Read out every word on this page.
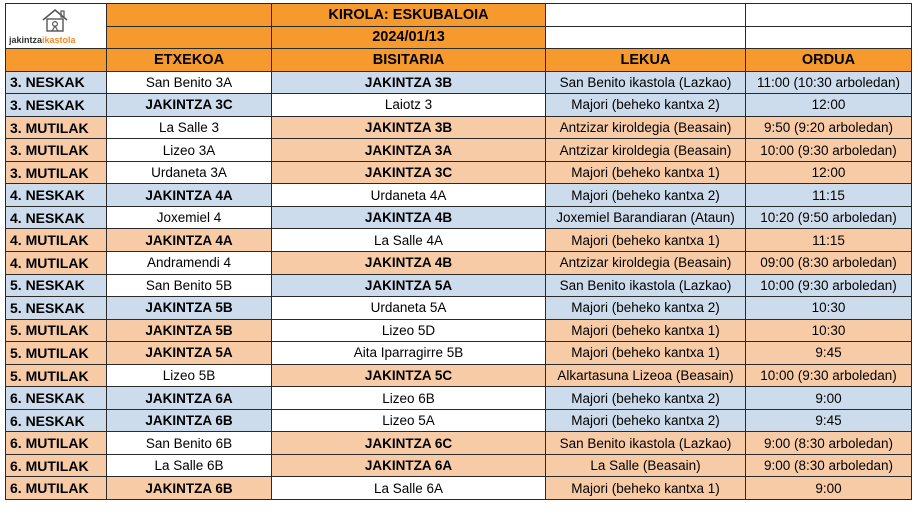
jakintzaikastola		KIROLA: ESKUBALOIA		
		2024/01/13		
	ETXEKOA	BISITARIA	LEKUA	ORDUA
3. NESKAK	San Benito 3A	JAKINTZA 3B	San Benito ikastola (Lazkao)	11:00 (10:30 arboledan)
3. NESKAK	JAKINTZA 3C	Laiotz 3	Majori (beheko kantxa 2)	12:00
3. MUTILAK	La Salle 3	JAKINTZA 3B	Antzizar kiroldegia (Beasain)	9:50 (9:20 arboledan)
3. MUTILAK	Lizeo 3A	JAKINTZA 3A	Antzizar kiroldegia (Beasain)	10:00 (9:30 arboledan)
3. MUTILAK	Urdaneta 3A	JAKINTZA 3C	Majori (beheko kantxa 1)	12:00
4. NESKAK	JAKINTZA 4A	Urdaneta 4A	Majori (beheko kantxa 2)	11:15
4. NESKAK	Joxemiel 4	JAKINTZA 4B	Joxemiel Barandiaran (Ataun)	10:20 (9:50 arboledan)
4. MUTILAK	JAKINTZA 4A	La Salle 4A	Majori (beheko kantxa 1)	11:15
4. MUTILAK	Andramendi 4	JAKINTZA 4B	Antzizar kiroldegia (Beasain)	09:00 (8:30 arboledan)
5. NESKAK	San Benito 5B	JAKINTZA 5A	San Benito ikastola (Lazkao)	10:00 (9:30 arboledan)
5. NESKAK	JAKINTZA 5B	Urdaneta 5A	Majori (beheko kantxa 2)	10:30
5. MUTILAK	JAKINTZA 5B	Lizeo 5D	Majori (beheko kantxa 1)	10:30
5. MUTILAK	JAKINTZA 5A	Aita Iparragirre 5B	Majori (beheko kantxa 1)	9:45
5. MUTILAK	Lizeo 5B	JAKINTZA 5C	Alkartasuna Lizeoa (Beasain)	10:00 (9:30 arboledan)
6. NESKAK	JAKINTZA 6A	Lizeo 6B	Majori (beheko kantxa 2)	9:00
6. NESKAK	JAKINTZA 6B	Lizeo 5A	Majori (beheko kantxa 2)	9:45
6. MUTILAK	San Benito 6B	JAKINTZA 6C	San Benito ikastola (Lazkao)	9:00 (8:30 arboledan)
6. MUTILAK	La Salle 6B	JAKINTZA 6A	La Salle (Beasain)	9:00 (8:30 arboledan)
6. MUTILAK	JAKINTZA 6B	La Salle 6A	Majori (beheko kantxa 1)	9:00
